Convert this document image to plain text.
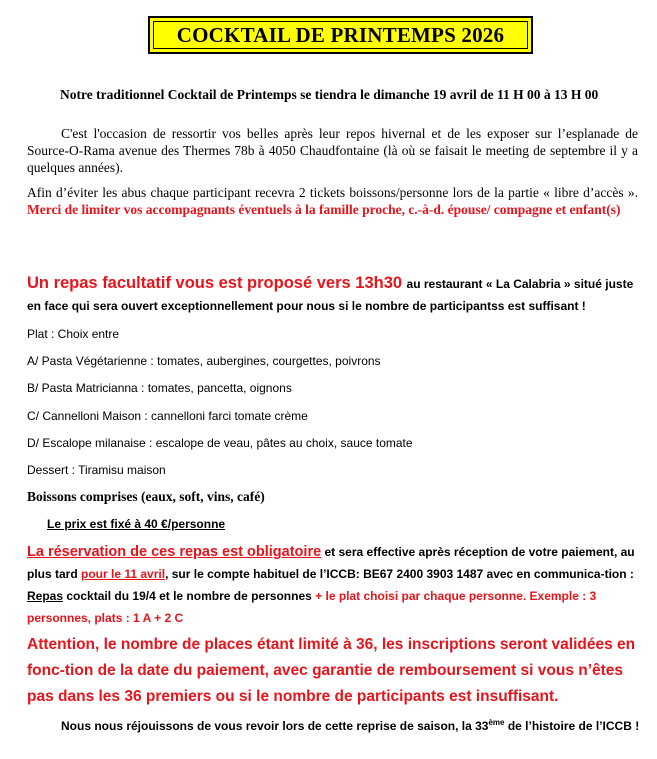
COCKTAIL DE PRINTEMPS 2026

Notre traditionnel Cocktail de Printemps se tiendra le dimanche 19 avril de 11 H 00 à 13 H 00

C'est l'occasion de ressortir vos belles après leur repos hivernal et de les exposer sur l’esplanade de Source-O-Rama avenue des Thermes 78b à 4050 Chaudfontaine (là où se faisait le meeting de septembre il y a quelques années).

Afin d’éviter les abus chaque participant recevra 2 tickets boissons/personne lors de la partie « libre d’accès ». Merci de limiter vos accompagnants éventuels à la famille proche, c.-à-d. épouse/ compagne et enfant(s)

Un repas facultatif vous est proposé vers 13h30 au restaurant « La Calabria » situé juste en face qui sera ouvert exceptionnellement pour nous si le nombre de participantss est suffisant !

Plat : Choix entre

A/ Pasta Végétarienne : tomates, aubergines, courgettes, poivrons

B/ Pasta Matricianna : tomates, pancetta, oignons

C/ Cannelloni Maison : cannelloni farci tomate crème

D/ Escalope milanaise : escalope de veau, pâtes au choix, sauce tomate

Dessert : Tiramisu maison

Boissons comprises (eaux, soft, vins, café)

Le prix est fixé à 40 €/personne

La réservation de ces repas est obligatoire et sera effective après réception de votre paiement, au plus tard pour le 11 avril, sur le compte habituel de l’ICCB: BE67 2400 3903 1487 avec en communica-tion : Repas cocktail du 19/4 et le nombre de personnes + le plat choisi par chaque personne. Exemple : 3 personnes, plats : 1 A + 2 C

Attention, le nombre de places étant limité à 36, les inscriptions seront validées en fonc-tion de la date du paiement, avec garantie de remboursement si vous n’êtes pas dans les 36 premiers ou si le nombre de participants est insuffisant.

Nous nous réjouissons de vous revoir lors de cette reprise de saison, la 33ème de l’histoire de l’ICCB !
